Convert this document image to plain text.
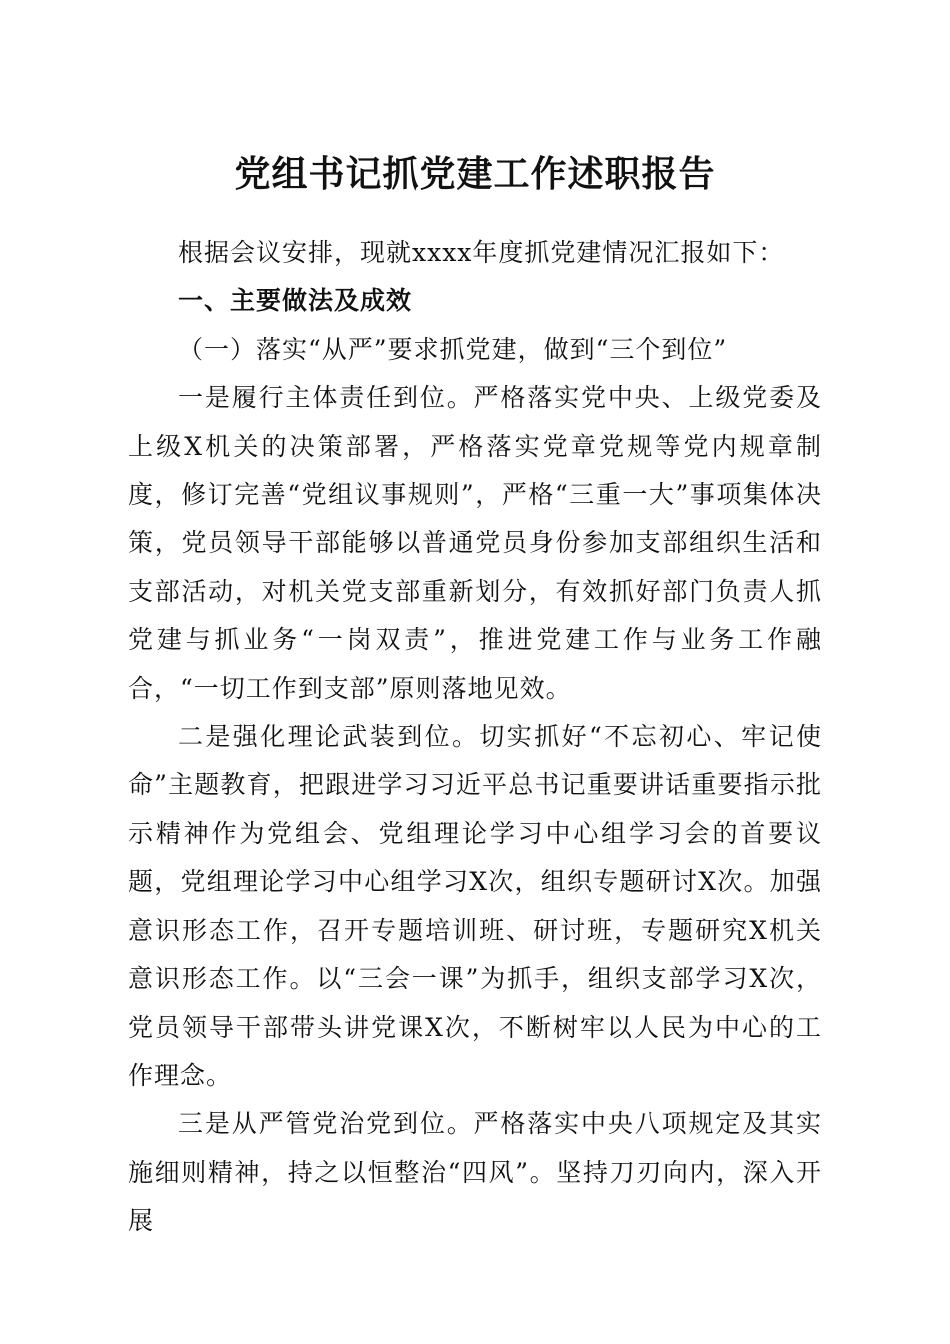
党组书记抓党建工作述职报告

根据会议安排，现就xxxx年度抓党建情况汇报如下：

一、主要做法及成效

（一）落实“从严”要求抓党建，做到“三个到位”

一是履行主体责任到位。严格落实党中央、上级党委及上级X机关的决策部署，严格落实党章党规等党内规章制度，修订完善“党组议事规则”，严格“三重一大”事项集体决策，党员领导干部能够以普通党员身份参加支部组织生活和支部活动，对机关党支部重新划分，有效抓好部门负责人抓党建与抓业务“一岗双责”，推进党建工作与业务工作融合，“一切工作到支部”原则落地见效。

二是强化理论武装到位。切实抓好“不忘初心、牢记使命”主题教育，把跟进学习习近平总书记重要讲话重要指示批示精神作为党组会、党组理论学习中心组学习会的首要议题，党组理论学习中心组学习X次，组织专题研讨X次。加强意识形态工作，召开专题培训班、研讨班，专题研究X机关意识形态工作。以“三会一课”为抓手，组织支部学习X次，党员领导干部带头讲党课X次，不断树牢以人民为中心的工作理念。

三是从严管党治党到位。严格落实中央八项规定及其实施细则精神，持之以恒整治“四风”。坚持刀刃向内，深入开展
